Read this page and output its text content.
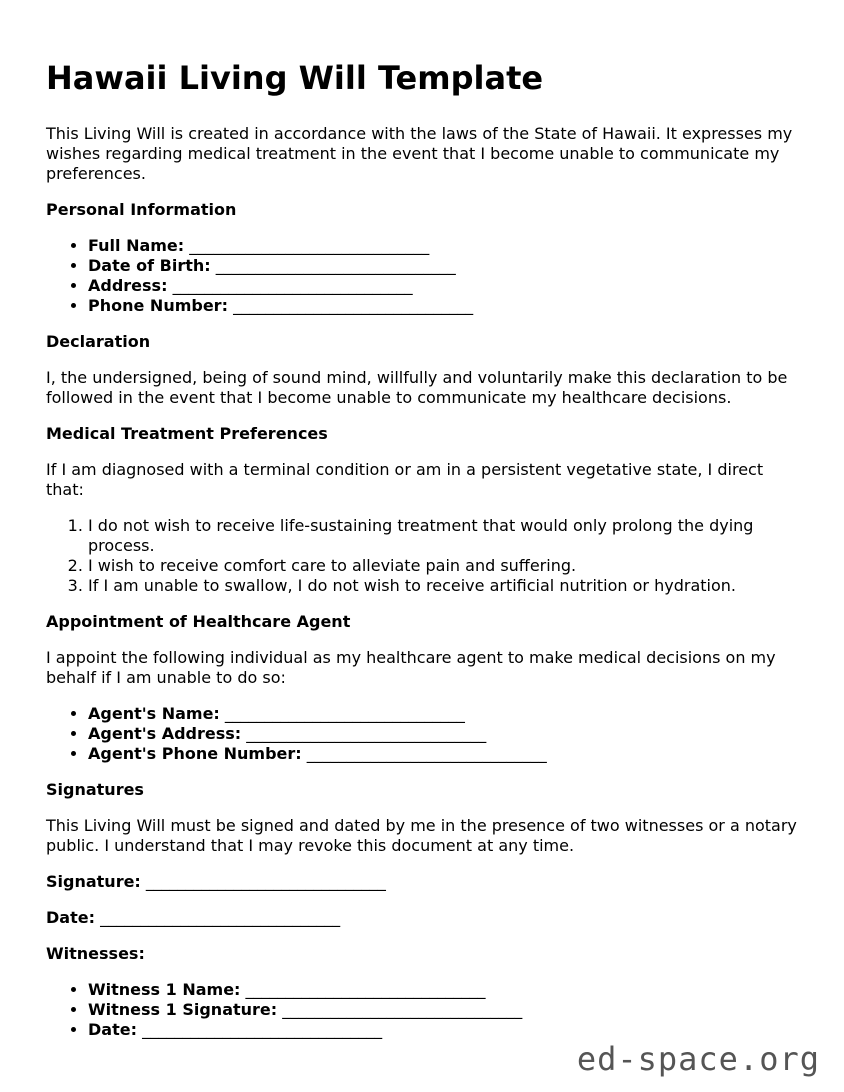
Hawaii Living Will Template

This Living Will is created in accordance with the laws of the State of Hawaii. It expresses my wishes regarding medical treatment in the event that I become unable to communicate my preferences.

Personal Information
• Full Name: ______________________________
• Date of Birth: ______________________________
• Address: ______________________________
• Phone Number: ______________________________
Declaration

I, the undersigned, being of sound mind, willfully and voluntarily make this declaration to be followed in the event that I become unable to communicate my healthcare decisions.

Medical Treatment Preferences

If I am diagnosed with a terminal condition or am in a persistent vegetative state, I direct that:

1. I do not wish to receive life-sustaining treatment that would only prolong the dying process.
2. I wish to receive comfort care to alleviate pain and suffering.
3. If I am unable to swallow, I do not wish to receive artificial nutrition or hydration.
Appointment of Healthcare Agent

I appoint the following individual as my healthcare agent to make medical decisions on my behalf if I am unable to do so:

• Agent's Name: ______________________________
• Agent's Address: ______________________________
• Agent's Phone Number: ______________________________
Signatures

This Living Will must be signed and dated by me in the presence of two witnesses or a notary public. I understand that I may revoke this document at any time.

Signature: ______________________________
Date: ______________________________
Witnesses:
• Witness 1 Name: ______________________________
• Witness 1 Signature: ______________________________
• Date: ______________________________
ed-space.org
